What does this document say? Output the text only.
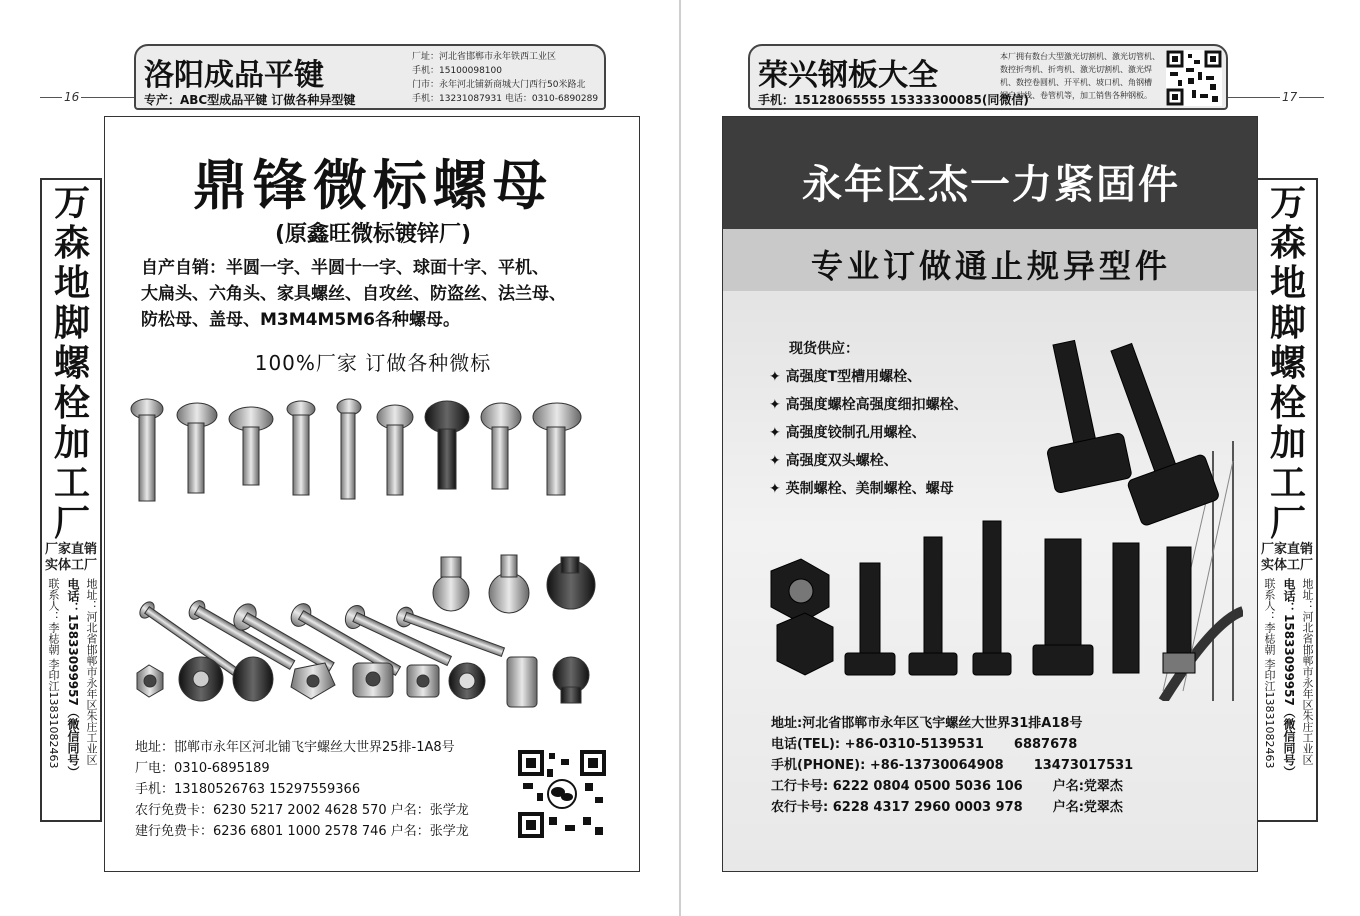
16
洛阳成品平键
厂址：河北省邯郸市永年铁西工业区
手机：15100098100
门市：永年河北铺新商城大门西行50米路北
手机：13231087931 电话：0310-6890289
专产：ABC型成品平键 订做各种异型键	17
荣兴钢板大全
本厂拥有数台大型激光切割机、激光切管机、
数控折弯机、折弯机、激光切割机、激光焊
机、数控卷圆机、开平机、坡口机、角钢槽
钢自动线、卷管机等，加工销售各种钢板。
手机：15128065555 15333300085(同微信)
万
森
地
脚
螺
栓
加
工
厂
厂家直销
实体工厂
地址：河北省邯郸市永年区朱庄工业区
电话：15833099957（微信同号）
联系人：李梽朝 李印江13831082463
万
森
地
脚
螺
栓
加
工
厂
厂家直销
实体工厂
地址：河北省邯郸市永年区朱庄工业区
电话：15833099957（微信同号）
联系人：李梽朝 李印江13831082463
鼎锋微标螺母
(原鑫旺微标镀锌厂)
自产自销：半圆一字、半圆十一字、球面十字、平机、
大扁头、六角头、家具螺丝、自攻丝、防盗丝、法兰母、
防松母、盖母、M3M4M5M6各种螺母。
100%厂家 订做各种微标
地址：邯郸市永年区河北铺飞宇螺丝大世界25排-1A8号
厂电：0310-6895189
手机：13180526763 15297559366
农行免费卡：6230 5217 2002 4628 570 户名：张学龙
建行免费卡：6236 6801 1000 2578 746 户名：张学龙
永年区杰一力紧固件
专业订做通止规异型件
现货供应：
✦ 高强度T型槽用螺栓、
✦ 高强度螺栓高强度细扣螺栓、
✦ 高强度铰制孔用螺栓、
✦ 高强度双头螺栓、
✦ 英制螺栓、美制螺栓、螺母
地址:河北省邯郸市永年区飞宇螺丝大世界31排A18号
电话(TEL): +86-0310-5139531 6887678
手机(PHONE): +86-13730064908 13473017531
工行卡号: 6222 0804 0500 5036 106 户名:党翠杰
农行卡号: 6228 4317 2960 0003 978 户名:党翠杰
